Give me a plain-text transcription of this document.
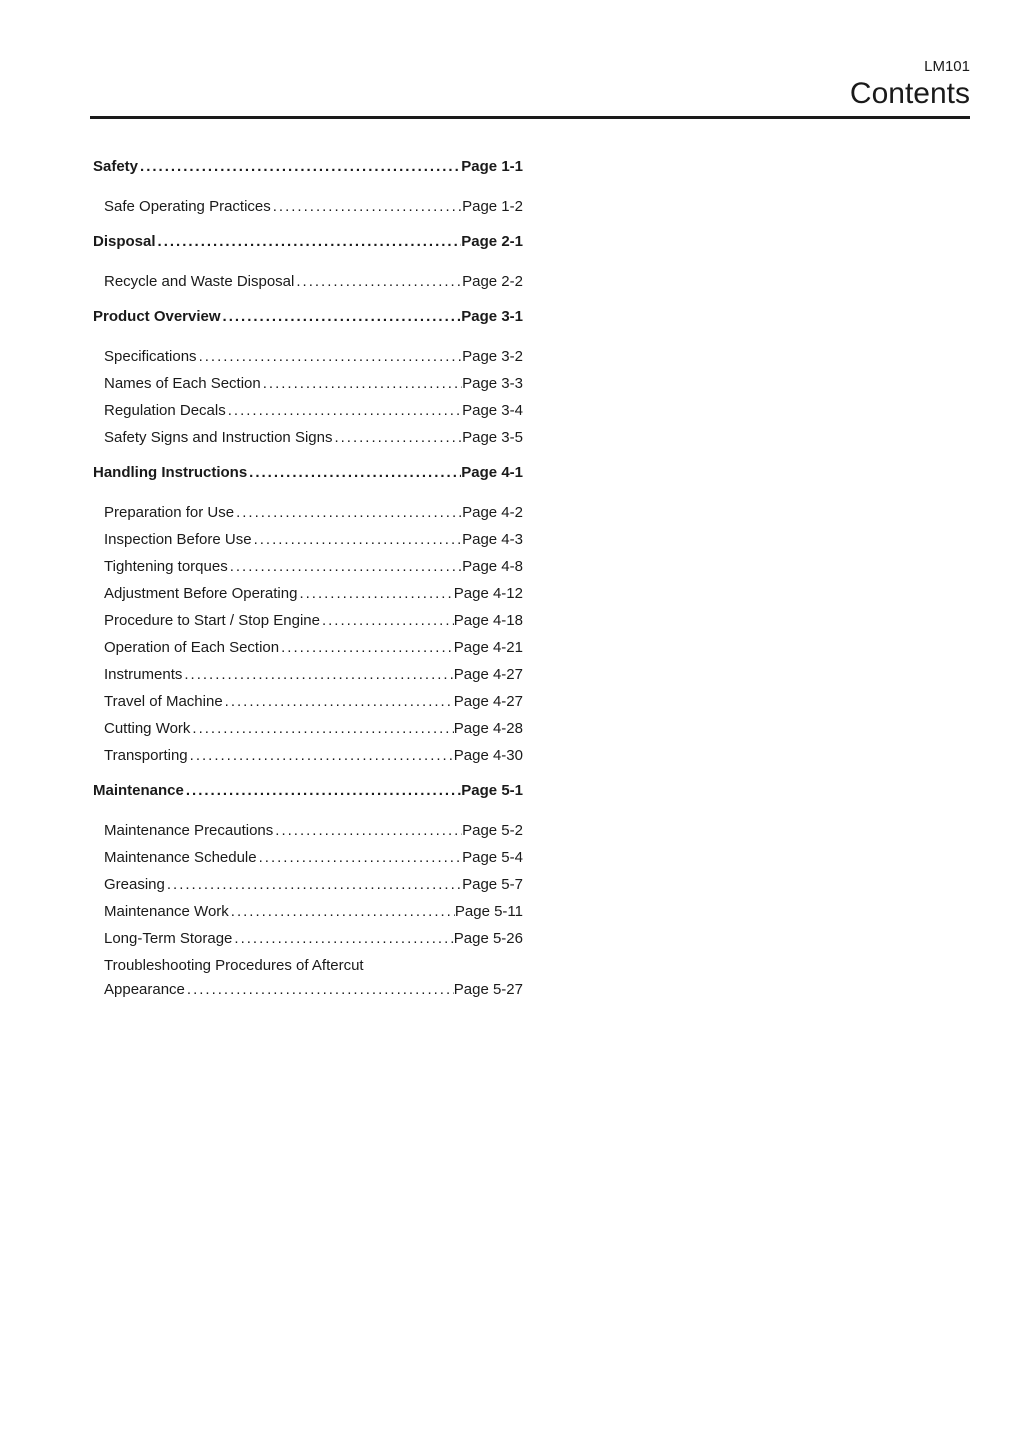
LM101
Contents
Safety .....	Page 1-1
Safe Operating Practices .....	Page 1-2
Disposal .....	Page 2-1
Recycle and Waste Disposal .....	Page 2-2
Product Overview .....	Page 3-1
Specifications .....	Page 3-2
Names of Each Section .....	Page 3-3
Regulation Decals .....	Page 3-4
Safety Signs and Instruction Signs .....	Page 3-5
Handling Instructions .....	Page 4-1
Preparation for Use .....	Page 4-2
Inspection Before Use .....	Page 4-3
Tightening torques .....	Page 4-8
Adjustment Before Operating .....	Page 4-12
Procedure to Start / Stop Engine .....	Page 4-18
Operation of Each Section .....	Page 4-21
Instruments .....	Page 4-27
Travel of Machine .....	Page 4-27
Cutting Work .....	Page 4-28
Transporting .....	Page 4-30
Maintenance .....	Page 5-1
Maintenance Precautions .....	Page 5-2
Maintenance Schedule .....	Page 5-4
Greasing .....	Page 5-7
Maintenance Work .....	Page 5-11
Long-Term Storage .....	Page 5-26
Troubleshooting Procedures of Aftercut
Appearance .....	Page 5-27
